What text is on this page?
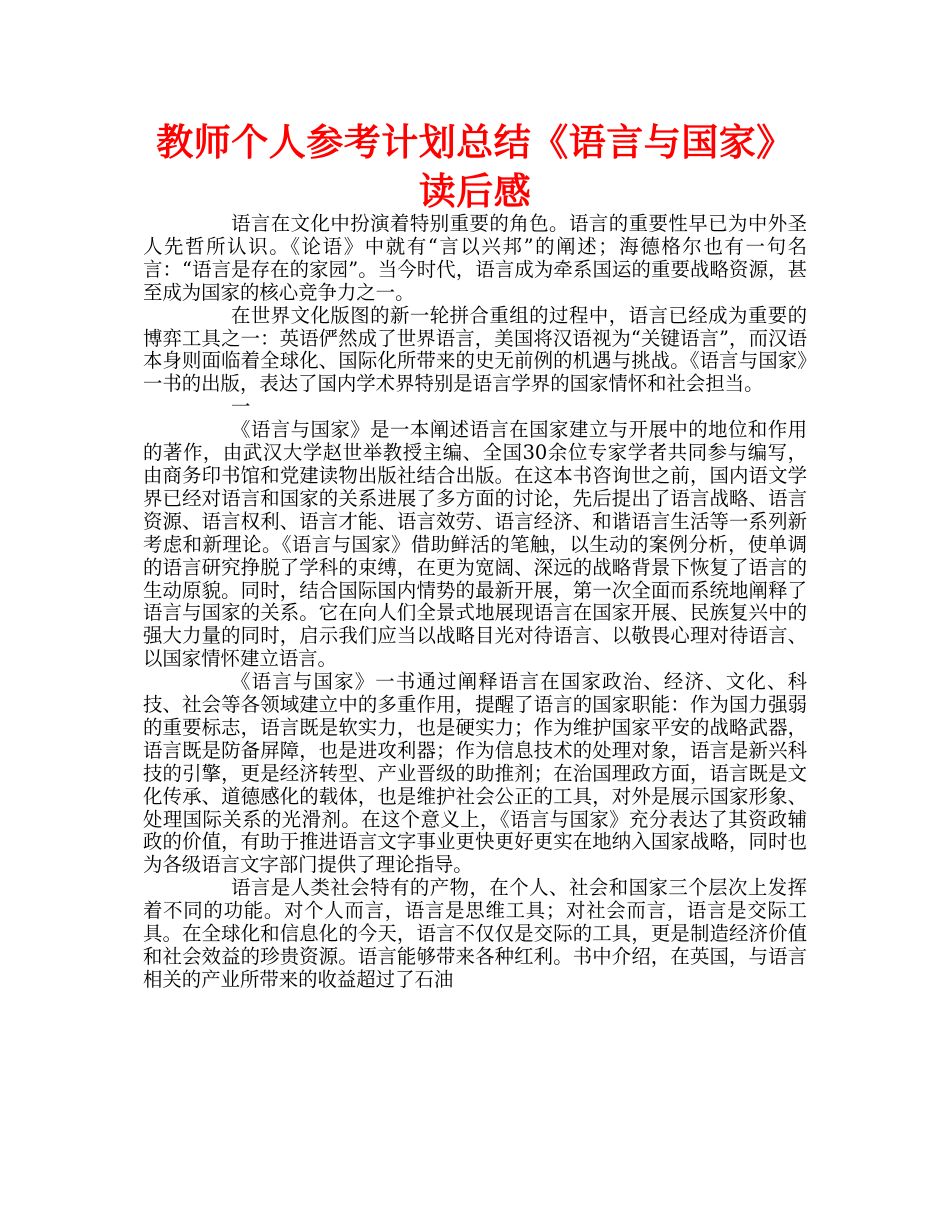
教师个人参考计划总结《语言与国家》读后感

语言在文化中扮演着特别重要的角色。语言的重要性早已为中外圣人先哲所认识。《论语》中就有“言以兴邦”的阐述；海德格尔也有一句名言：“语言是存在的家园”。当今时代，语言成为牵系国运的重要战略资源，甚至成为国家的核心竞争力之一。

在世界文化版图的新一轮拼合重组的过程中，语言已经成为重要的博弈工具之一：英语俨然成了世界语言，美国将汉语视为“关键语言”，而汉语本身则面临着全球化、国际化所带来的史无前例的机遇与挑战。《语言与国家》一书的出版，表达了国内学术界特别是语言学界的国家情怀和社会担当。

一

《语言与国家》是一本阐述语言在国家建立与开展中的地位和作用的著作，由武汉大学赵世举教授主编、全国30余位专家学者共同参与编写，由商务印书馆和党建读物出版社结合出版。在这本书咨询世之前，国内语文学界已经对语言和国家的关系进展了多方面的讨论，先后提出了语言战略、语言资源、语言权利、语言才能、语言效劳、语言经济、和谐语言生活等一系列新考虑和新理论。《语言与国家》借助鲜活的笔触，以生动的案例分析，使单调的语言研究挣脱了学科的束缚，在更为宽阔、深远的战略背景下恢复了语言的生动原貌。同时，结合国际国内情势的最新开展，第一次全面而系统地阐释了语言与国家的关系。它在向人们全景式地展现语言在国家开展、民族复兴中的强大力量的同时，启示我们应当以战略目光对待语言、以敬畏心理对待语言、以国家情怀建立语言。

《语言与国家》一书通过阐释语言在国家政治、经济、文化、科技、社会等各领域建立中的多重作用，提醒了语言的国家职能：作为国力强弱的重要标志，语言既是软实力，也是硬实力；作为维护国家平安的战略武器，语言既是防备屏障，也是进攻利器；作为信息技术的处理对象，语言是新兴科技的引擎，更是经济转型、产业晋级的助推剂；在治国理政方面，语言既是文化传承、道德感化的载体，也是维护社会公正的工具，对外是展示国家形象、处理国际关系的光滑剂。在这个意义上，《语言与国家》充分表达了其资政辅政的价值，有助于推进语言文字事业更快更好更实在地纳入国家战略，同时也为各级语言文字部门提供了理论指导。

语言是人类社会特有的产物，在个人、社会和国家三个层次上发挥着不同的功能。对个人而言，语言是思维工具；对社会而言，语言是交际工具。在全球化和信息化的今天，语言不仅仅是交际的工具，更是制造经济价值和社会效益的珍贵资源。语言能够带来各种红利。书中介绍，在英国，与语言相关的产业所带来的收益超过了石油
